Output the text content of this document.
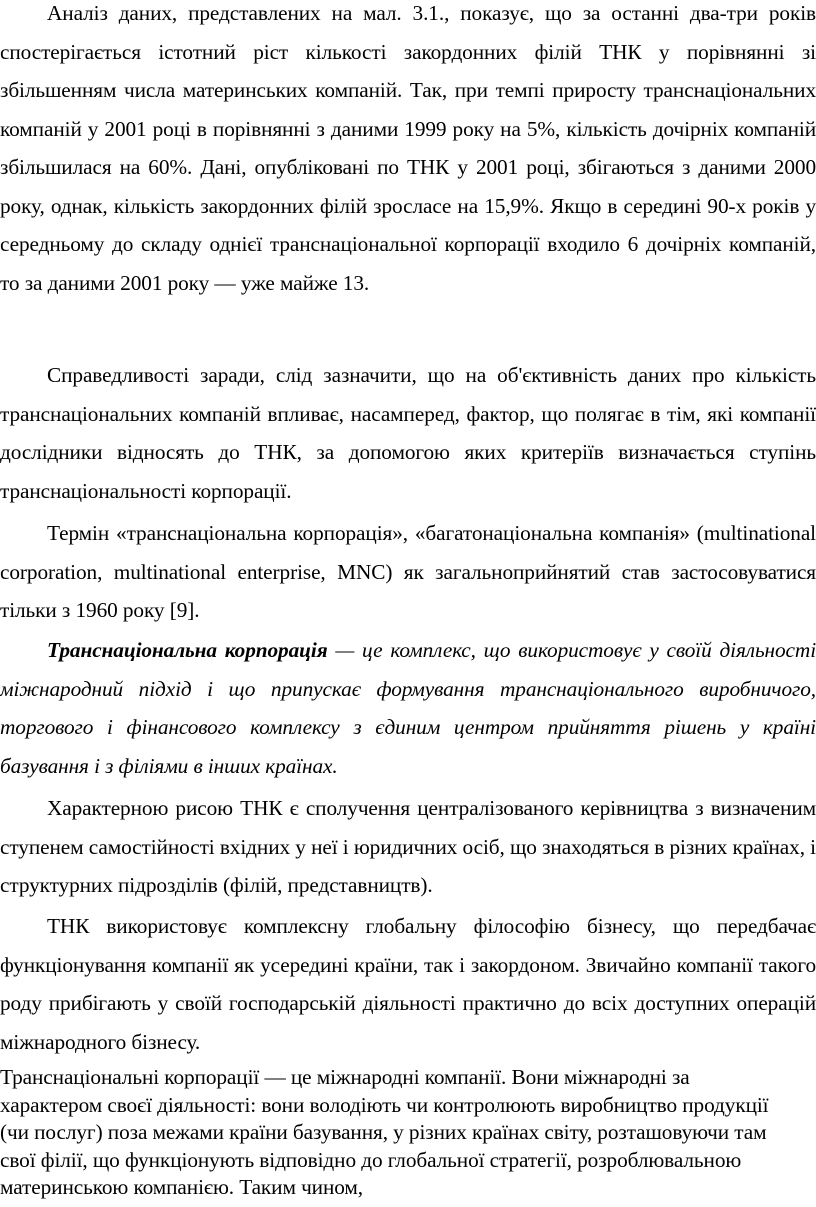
Аналіз даних, представлених на мал. 3.1., показує, що за останні два-три років спостерігається істотний ріст кількості закордонних філій ТНК у порівнянні зі збільшенням числа материнських компаній. Так, при темпі приросту транснаціональних компаній у 2001 році в порівнянні з даними 1999 року на 5%, кількість дочірніх компаній збільшилася на 60%. Дані, опубліковані по ТНК у 2001 році, збігаються з даними 2000 року, однак, кількість закордонних філій зросласе на 15,9%. Якщо в середині 90-х років у середньому до складу однієї транснаціональної корпорації входило 6 дочірніх компаній, то за даними 2001 року — уже майже 13.

Справедливості заради, слід зазначити, що на об'єктивність даних про кількість транснаціональних компаній впливає, насамперед, фактор, що полягає в тім, які компанії дослідники відносять до ТНК, за допомогою яких критеріїв визначається ступінь транснаціональності корпорації.

Термін «транснаціональна корпорація», «багатонаціональна компанія» (multinational corporation, multinational enterprise, MNC) як загальноприйнятий став застосовуватися тільки з 1960 року [9].

Транснаціональна корпорація — це комплекс, що використовує у своїй діяльності міжнародний підхід і що припускає формування транснаціонального виробничого, торгового і фінансового комплексу з єдиним центром прийняття рішень у країні базування і з філіями в інших країнах.

Характерною рисою ТНК є сполучення централізованого керівництва з визначеним ступенем самостійності вхідних у неї і юридичних осіб, що знаходяться в різних країнах, і структурних підрозділів (філій, представництв).

ТНК використовує комплексну глобальну філософію бізнесу, що передбачає функціонування компанії як усередині країни, так і закордоном. Звичайно компанії такого роду прибігають у своїй господарській діяльності практично до всіх доступних операцій міжнародного бізнесу.

Транснаціональні корпорації — це міжнародні компанії. Вони міжнародні за характером своєї діяльності: вони володіють чи контролюють виробництво продукції (чи послуг) поза межами країни базування, у різних країнах світу, розташовуючи там свої філії, що функціонують відповідно до глобальної стратегії, розроблювальною материнською компанією. Таким чином,
